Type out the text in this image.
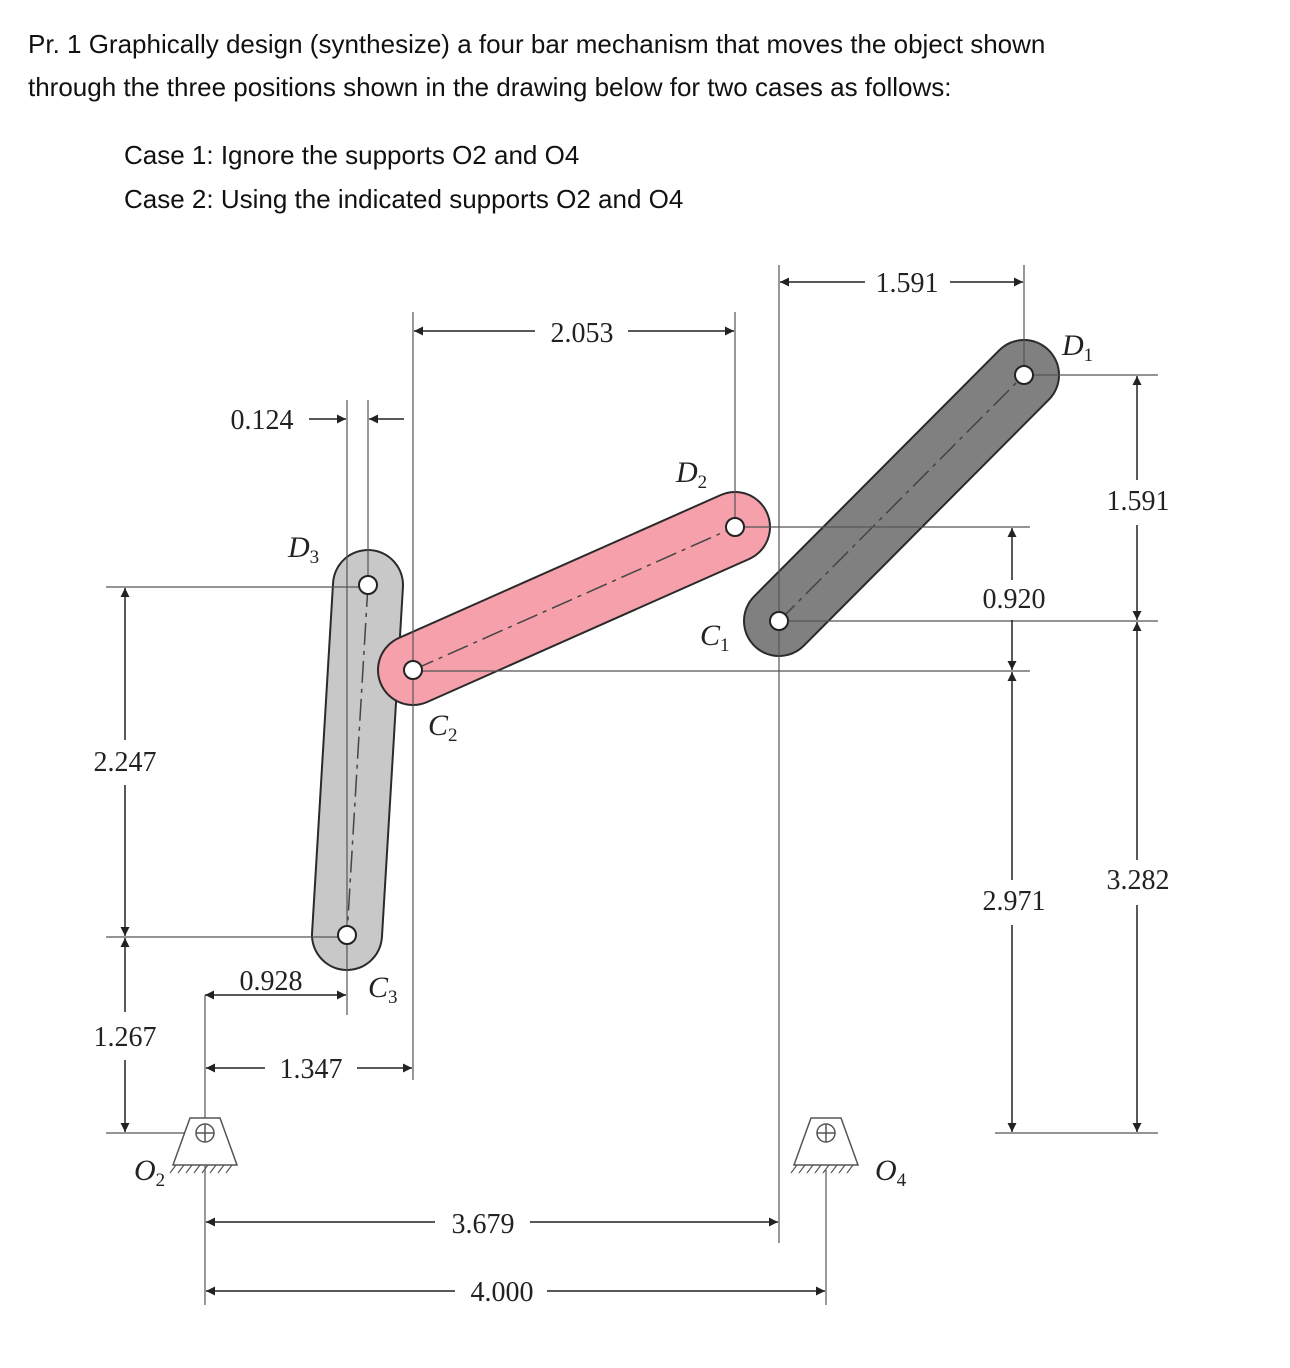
Pr. 1 Graphically design (synthesize) a four bar mechanism that moves the object shown
through the three positions shown in the drawing below for two cases as follows:
Case 1: Ignore the supports O2 and O4
Case 2: Using the indicated supports O2 and O4
1.591
2.053
0.124
1.591
0.920
2.247
3.282
2.971
0.928
1.267
1.347
3.679
4.000
$D_1$
$D_2$
$D_3$
$C_1$
$C_2$
$C_3$
$O_2$	$O_4$
